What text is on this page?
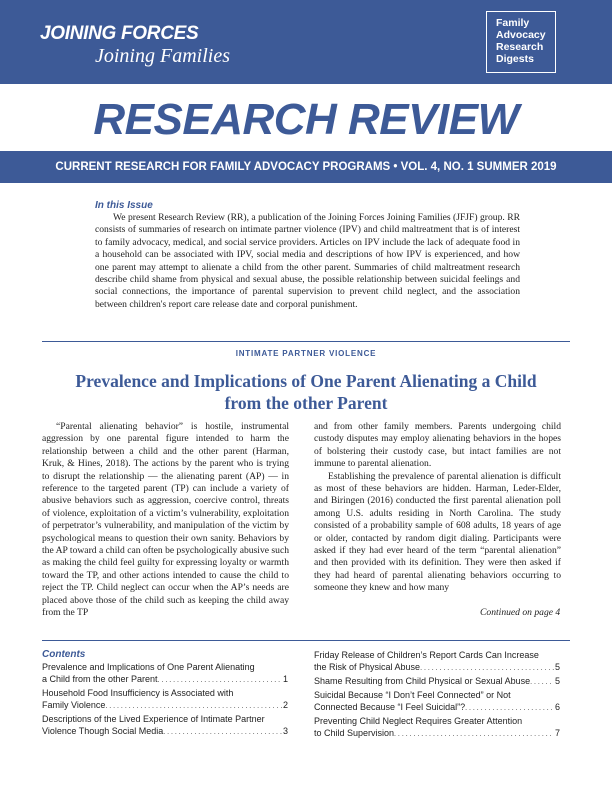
JOINING FORCES
Joining Families
Family
Advocacy
Research
Digests
RESEARCH REVIEW
CURRENT RESEARCH FOR FAMILY ADVOCACY PROGRAMS • VOL. 4, NO. 1 SUMMER 2019
In this Issue

We present Research Review (RR), a publication of the Joining Forces Joining Families (JFJF) group. RR consists of summaries of research on intimate partner violence (IPV) and child maltreatment that is of interest to family advocacy, medical, and social service providers. Articles on IPV include the lack of adequate food in a household can be associated with IPV, social media and descriptions of how IPV is experienced, and how one parent may attempt to alienate a child from the other parent. Summaries of child maltreatment research describe child shame from physical and sexual abuse, the possible relationship between suicidal feelings and social connections, the importance of parental supervision to prevent child neglect, and the association between children's report care release date and corporal punishment.

INTIMATE PARTNER VIOLENCE
Prevalence and Implications of One Parent Alienating a Child from the other Parent

“Parental alienating behavior” is hostile, instrumental aggression by one parental figure intended to harm the relationship between a child and the other parent (Harman, Kruk, & Hines, 2018). The actions by the parent who is trying to disrupt the relationship — the alienating parent (AP) — in reference to the targeted parent (TP) can include a variety of abusive behaviors such as aggression, coercive control, threats of violence, exploitation of a victim’s vulnerability, exploitation of perpetrator’s vulnerability, and manipulation of the victim by psychological means to question their own sanity. Behaviors by the AP toward a child can often be psychologically abusive such as making the child feel guilty for expressing loyalty or warmth toward the TP, and other actions intended to cause the child to reject the TP. Child neglect can occur when the AP’s needs are placed above those of the child such as keeping the child away from the TP

and from other family members. Parents undergoing child custody disputes may employ alienating behaviors in the hopes of bolstering their custody case, but intact families are not immune to parental alienation.

Establishing the prevalence of parental alienation is difficult as most of these behaviors are hidden. Harman, Leder-Elder, and Biringen (2016) conducted the first parental alienation poll among U.S. adults residing in North Carolina. The study consisted of a probability sample of 608 adults, 18 years of age or older, contacted by random digit dialing. Participants were asked if they had ever heard of the term “parental alienation” and then provided with its definition. They were then asked if they had heard of parental alienating behaviors occurring to someone they knew and how many

Continued on page 4
Contents
Prevalence and Implications of One Parent Alienating
a Child from the other Parent . . .	1
Household Food Insufficiency is Associated with
Family Violence . . .	2
Descriptions of the Lived Experience of Intimate Partner
Violence Though Social Media . . .	3
Friday Release of Children’s Report Cards Can Increase
the Risk of Physical Abuse . . .	5
Shame Resulting from Child Physical or Sexual Abuse . . .	5
Suicidal Because “I Don’t Feel Connected” or Not
Connected Because “I Feel Suicidal”? . . .	6
Preventing Child Neglect Requires Greater Attention
to Child Supervision . . .	7
